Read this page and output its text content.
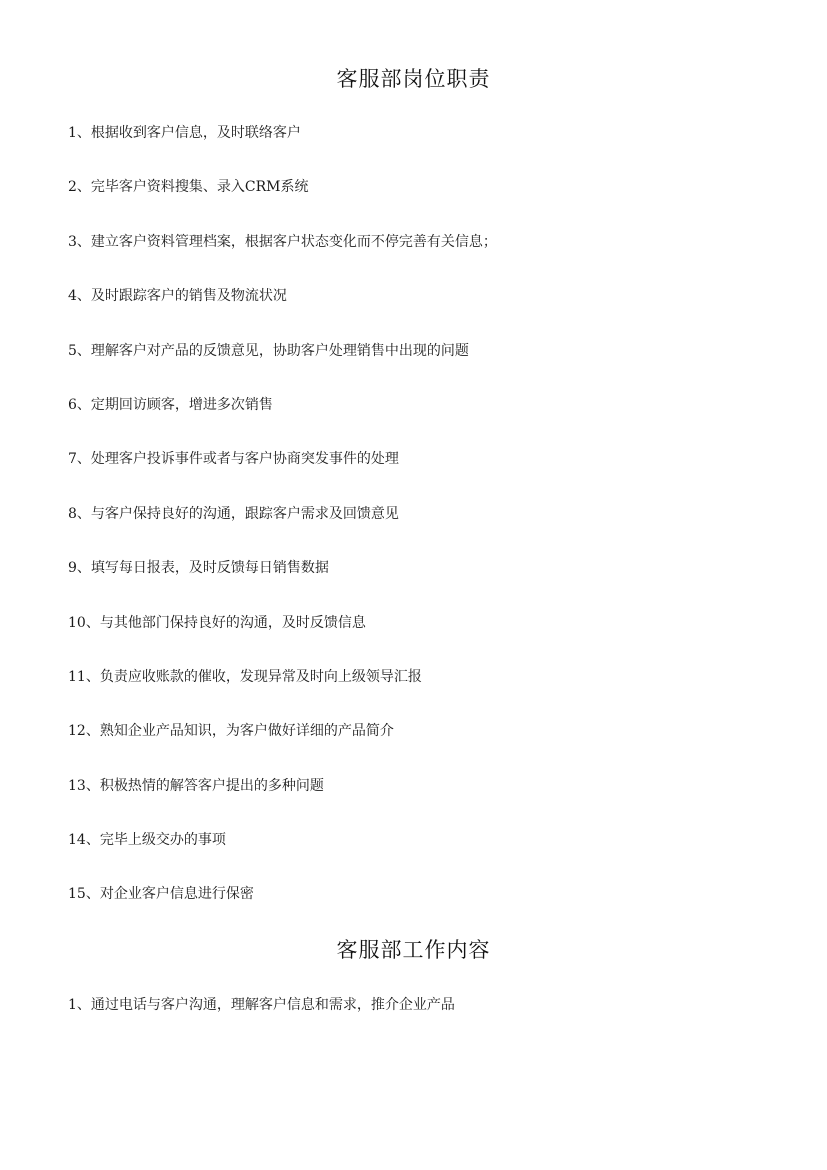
客服部岗位职责
1、根据收到客户信息，及时联络客户
2、完毕客户资料搜集、录入CRM系统
3、建立客户资料管理档案，根据客户状态变化而不停完善有关信息；
4、及时跟踪客户的销售及物流状况
5、理解客户对产品的反馈意见，协助客户处理销售中出现的问题
6、定期回访顾客，增进多次销售
7、处理客户投诉事件或者与客户协商突发事件的处理
8、与客户保持良好的沟通，跟踪客户需求及回馈意见
9、填写每日报表，及时反馈每日销售数据
10、与其他部门保持良好的沟通，及时反馈信息
11、负责应收账款的催收，发现异常及时向上级领导汇报
12、熟知企业产品知识，为客户做好详细的产品简介
13、积极热情的解答客户提出的多种问题
14、完毕上级交办的事项
15、对企业客户信息进行保密
客服部工作内容
1、通过电话与客户沟通，理解客户信息和需求，推介企业产品
